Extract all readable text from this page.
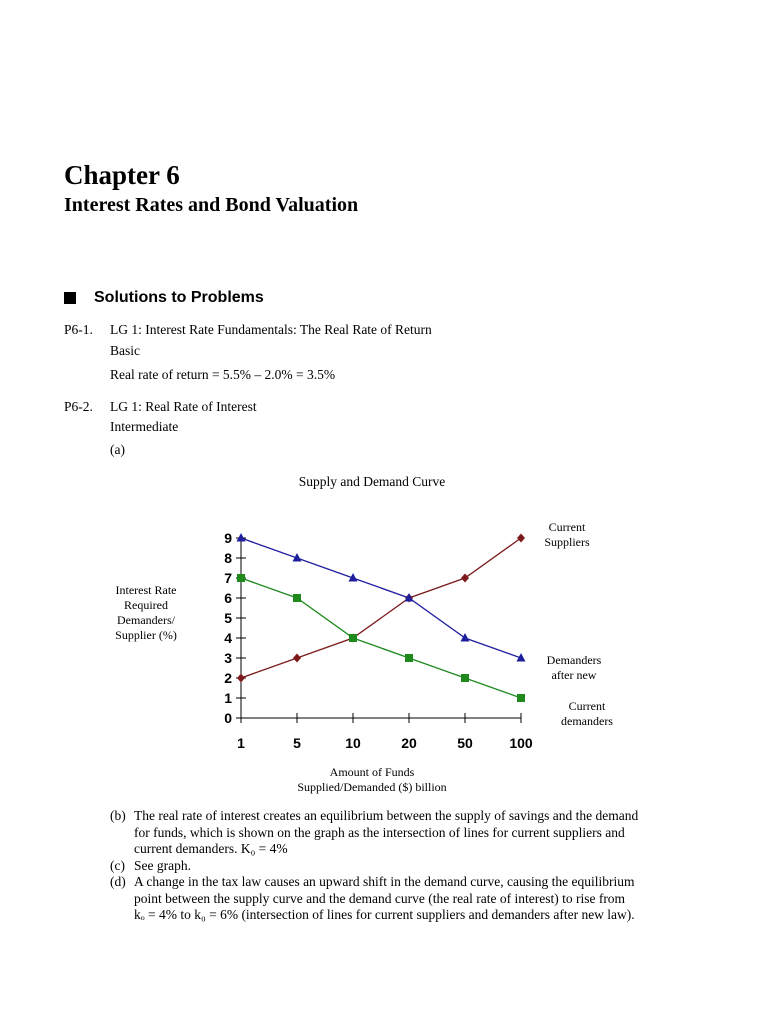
Chapter 6
Interest Rates and Bond Valuation
Solutions to Problems
P6-1. LG 1: Interest Rate Fundamentals: The Real Rate of Return
Basic
Real rate of return = 5.5% – 2.0% = 3.5%
P6-2. LG 1: Real Rate of Interest
Intermediate
(a)
Supply and Demand Curve
Interest Rate
Required
Demanders/
Supplier (%)
0
1
2
3
4
5
6
7
8
9
1	5	10	20	50	100
Current
Suppliers
Demanders
after new
Current
demanders
Amount of Funds
Supplied/Demanded ($) billion
(b) The real rate of interest creates an equilibrium between the supply of savings and the demand
for funds, which is shown on the graph as the intersection of lines for current suppliers and
current demanders. K₀ = 4%
(c) See graph.
(d) A change in the tax law causes an upward shift in the demand curve, causing the equilibrium
point between the supply curve and the demand curve (the real rate of interest) to rise from
kₒ = 4% to k₀ = 6% (intersection of lines for current suppliers and demanders after new law).
